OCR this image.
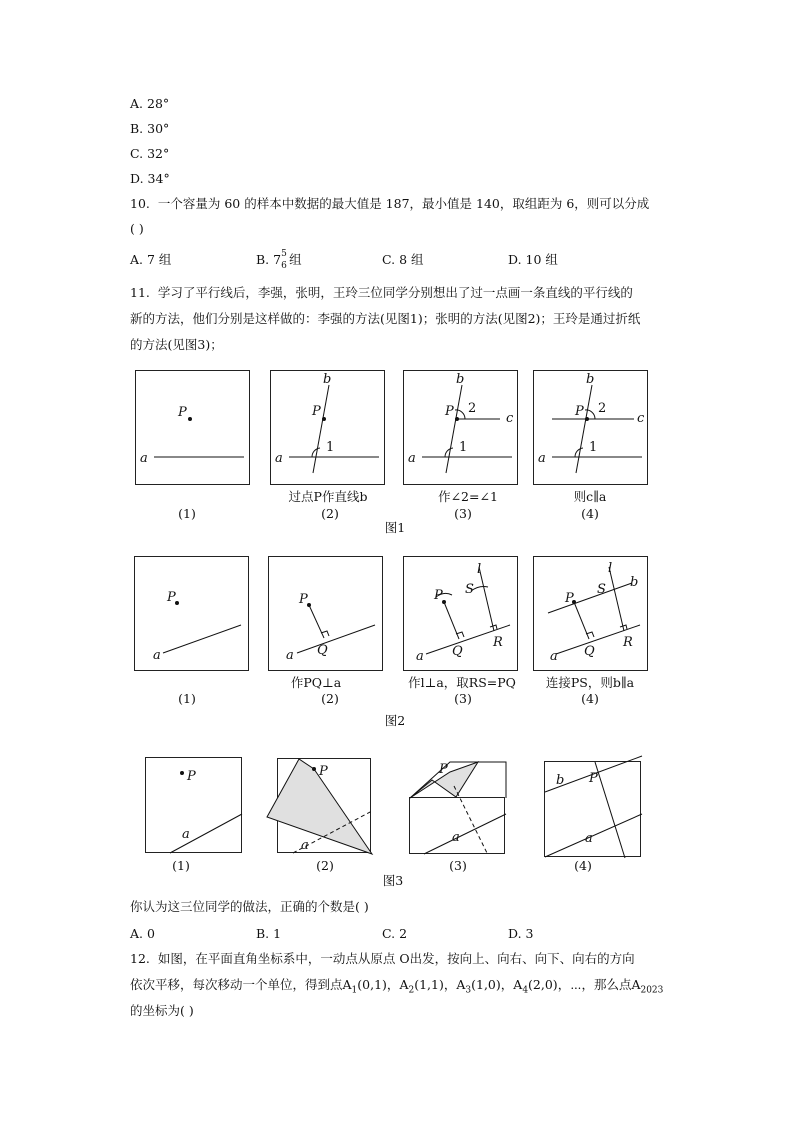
A. 28°
B. 30°
C. 32°
D. 34°
10. 一个容量为 60 的样本中数据的最大值是 187，最小值是 140，取组距为 6，则可以分成
( )
A. 7 组	B. 7 5
6 组	C. 8 组	D. 10 组
11. 学习了平行线后，李强，张明，王玲三位同学分别想出了过一点画一条直线的平行线的
新的方法，他们分别是这样做的：李强的方法(见图1)；张明的方法(见图2)；王玲是通过折纸
的方法(见图3)；
P
a
P
b
a
1
P
b
a
c
1
2	P
b
a
c
1
2
过点P作直线b	作∠2=∠1	则c∥a
(1)	(2)	(3)	(4)
图1
P
a
P
Q
a
P S
l
Q
R
a
P
S
l
b
Q
R
a
作PQ⊥a	作l⊥a，取RS=PQ 连接PS，则b∥a
(1)	(2)	(3)	(4)
图2
P
a
P
a
P
a
b P
a
(1)	(2)	(3)	(4)
图3
你认为这三位同学的做法，正确的个数是( )
A. 0	B. 1	C. 2	D. 3
12. 如图，在平面直角坐标系中，一动点从原点 O出发，按向上、向右、向下、向右的方向
依次平移，每次移动一个单位，得到点$A_1(0,1)$，$A_2(1,1)$，$A_3(1,0)$，$A_4(2,0)$，⋯，那么点$A_{2023}$
的坐标为( )
